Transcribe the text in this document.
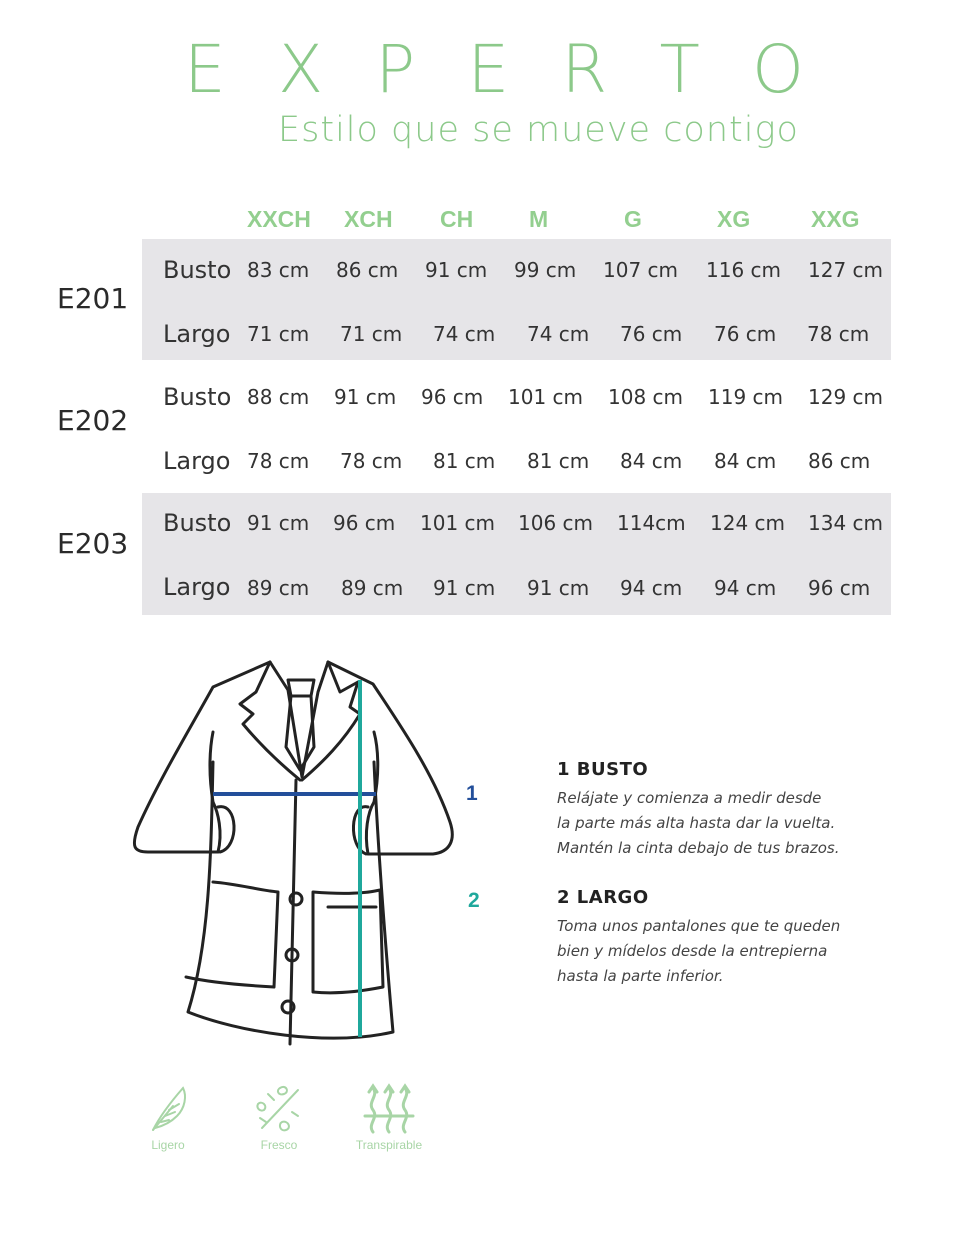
E X P E R T O
Estilo que se mueve contigo
XXCH XCH CH M	G	XG	XXG
E201
Busto 83 cm 86 cm 91 cm 99 cm 107 cm 116 cm 127 cm
Largo 71 cm 71 cm 74 cm 74 cm 76 cm 76 cm 78 cm
E202
Busto 88 cm 91 cm 96 cm 101 cm 108 cm 119 cm 129 cm
Largo 78 cm 78 cm 81 cm 81 cm 84 cm 84 cm 86 cm
E203
Busto 91 cm 96 cm 101 cm 106 cm 114cm 124 cm 134 cm
Largo 89 cm 89 cm 91 cm 91 cm 94 cm 94 cm 96 cm
1
2
1 BUSTO
Relájate y comienza a medir desde
la parte más alta hasta dar la vuelta.
Mantén la cinta debajo de tus brazos.
2 LARGO
Toma unos pantalones que te queden
bien y mídelos desde la entrepierna
hasta la parte inferior.
Ligero	Fresco	Transpirable
